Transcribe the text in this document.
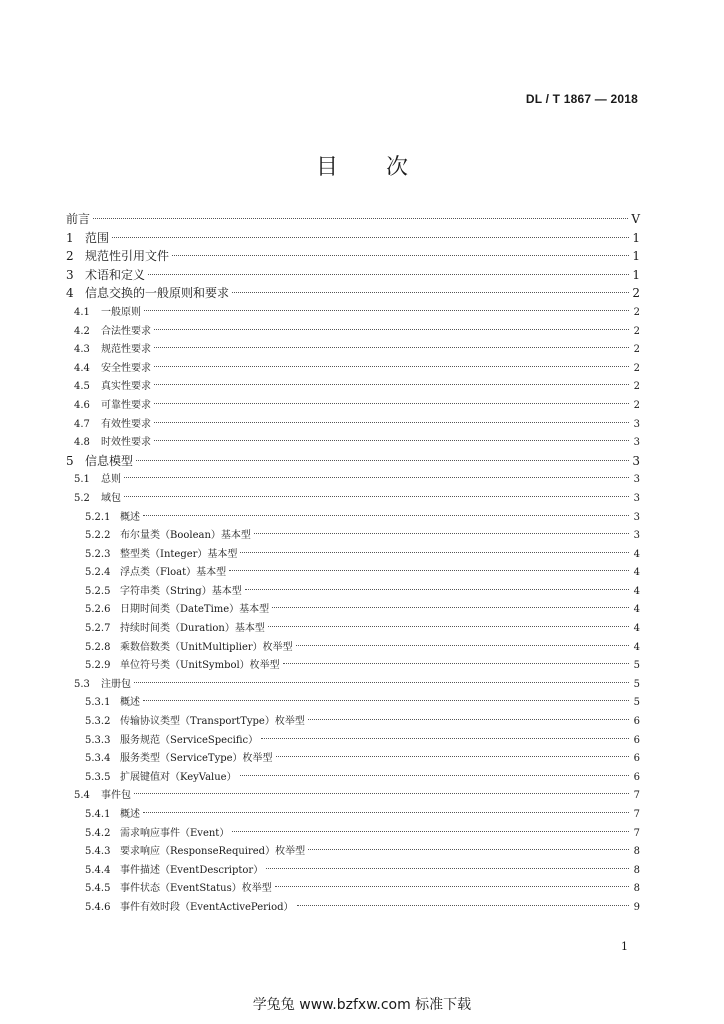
DL / T 1867 — 2018
目 次
前言	V
1 范围	1
2 规范性引用文件	1
3 术语和定义	1
4 信息交换的一般原则和要求	2
4.1	一般原则	2
4.2	合法性要求	2
4.3	规范性要求	2
4.4	安全性要求	2
4.5	真实性要求	2
4.6	可靠性要求	2
4.7	有效性要求	3
4.8	时效性要求	3
5 信息模型	3
5.1	总则	3
5.2	域包	3
5.2.1 概述	3
5.2.2 布尔量类（Boolean）基本型	3
5.2.3 整型类（Integer）基本型	4
5.2.4 浮点类（Float）基本型	4
5.2.5 字符串类（String）基本型	4
5.2.6 日期时间类（DateTime）基本型	4
5.2.7 持续时间类（Duration）基本型	4
5.2.8 乘数倍数类（UnitMultiplier）枚举型	4
5.2.9 单位符号类（UnitSymbol）枚举型	5
5.3	注册包	5
5.3.1 概述	5
5.3.2 传输协议类型（TransportType）枚举型	6
5.3.3 服务规范（ServiceSpecific）	6
5.3.4 服务类型（ServiceType）枚举型	6
5.3.5 扩展键值对（KeyValue）	6
5.4	事件包	7
5.4.1 概述	7
5.4.2 需求响应事件（Event）	7
5.4.3 要求响应（ResponseRequired）枚举型	8
5.4.4 事件描述（EventDescriptor）	8
5.4.5 事件状态（EventStatus）枚举型	8
5.4.6 事件有效时段（EventActivePeriod）	9
1
学兔兔 www.bzfxw.com 标准下载
